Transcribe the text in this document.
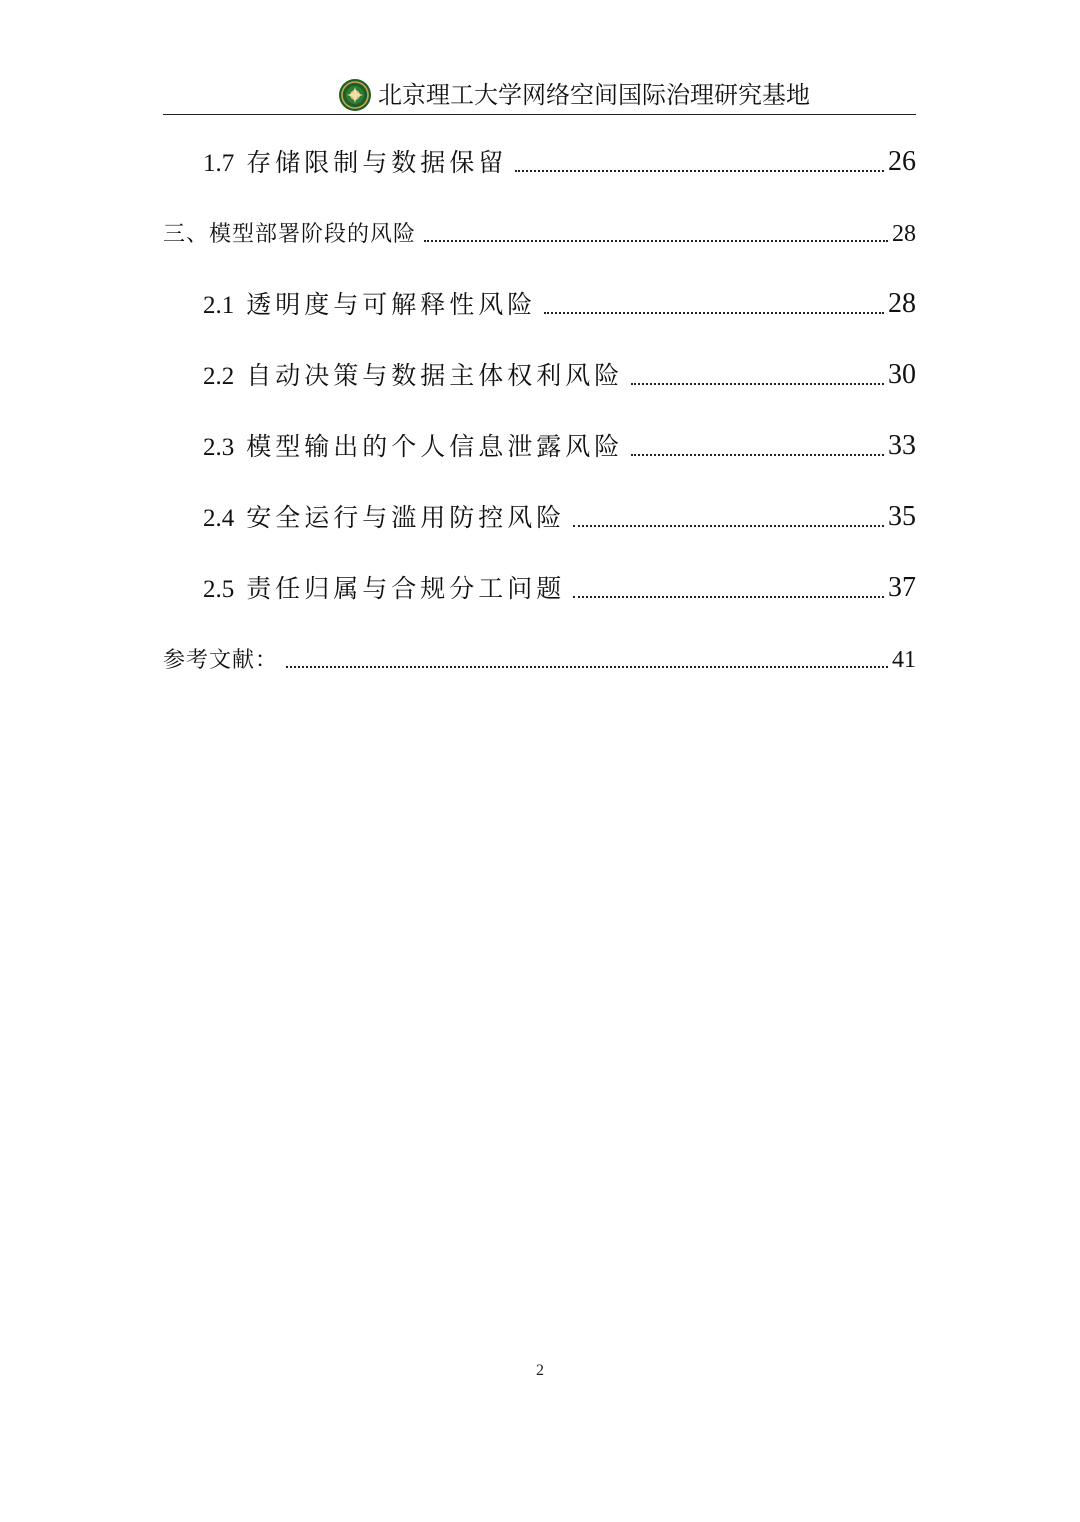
北京理工大学网络空间国际治理研究基地
1.7 存储限制与数据保留	26
三、模型部署阶段的风险	28
2.1 透明度与可解释性风险	28
2.2 自动决策与数据主体权利风险	30
2.3 模型输出的个人信息泄露风险	33
2.4 安全运行与滥用防控风险	35
2.5 责任归属与合规分工问题	37
参考文献：	41
2
